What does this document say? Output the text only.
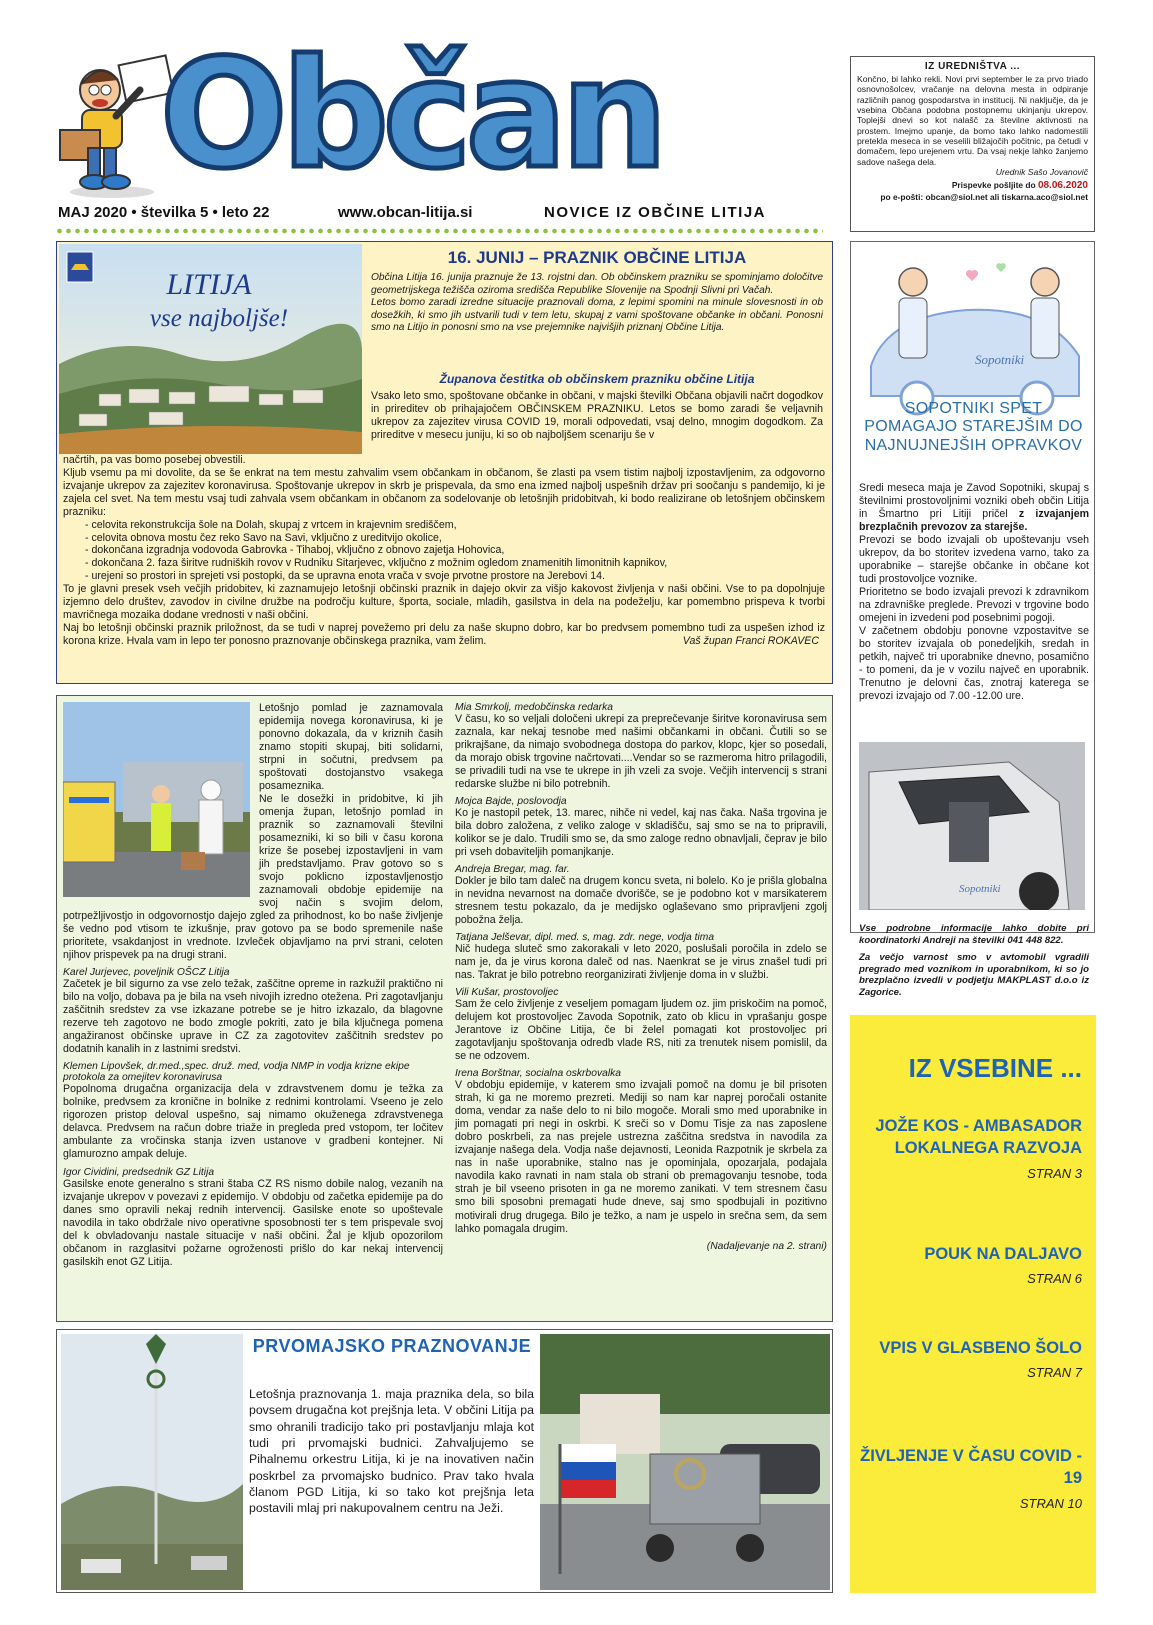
Občan
MAJ 2020 • številka 5 • leto 22	www.obcan-litija.si	NOVICE IZ OBČINE LITIJA
IZ UREDNIŠTVA ...

Končno, bi lahko rekli. Novi prvi september le za prvo triado osnovnošolcev, vračanje na delovna mesta in odpiranje različnih panog gospodarstva in institucij. Ni naključje, da je vsebina Občana podobna postopnemu ukinjanju ukrepov. Toplejši dnevi so kot nalašč za številne aktivnosti na prostem. Imejmo upanje, da bomo tako lahko nadomestili pretekla meseca in se veselili bližajočih počitnic, pa četudi v domačem, lepo urejenem vrtu. Da vsaj nekje lahko žanjemo sadove našega dela.

Urednik Sašo Jovanovič
Prispevke pošljite do 08.06.2020
po e-pošti: obcan@siol.net ali tiskarna.aco@siol.net
LITIJA
vse najboljše!
16. JUNIJ – PRAZNIK OBČINE LITIJA

Občina Litija 16. junija praznuje že 13. rojstni dan. Ob občinskem prazniku se spominjamo določitve geometrijskega težišča oziroma središča Republike Slovenije na Spodnji Slivni pri Vačah.

Letos bomo zaradi izredne situacije praznovali doma, z lepimi spomini na minule slovesnosti in ob dosežkih, ki smo jih ustvarili tudi v tem letu, skupaj z vami spoštovane občanke in občani. Ponosni smo na Litijo in ponosni smo na vse prejemnike najvišjih priznanj Občine Litija.

Županova čestitka ob občinskem prazniku občine Litija

Vsako leto smo, spoštovane občanke in občani, v majski številki Občana objavili načrt dogodkov in prireditev ob prihajajočem OBČINSKEM PRAZNIKU. Letos se bomo zaradi še veljavnih ukrepov za zajezitev virusa COVID 19, morali odpovedati, vsaj delno, mnogim dogodkom. Za prireditve v mesecu juniju, ki so ob najboljšem scenariju še v

načrtih, pa vas bomo posebej obvestili.

Kljub vsemu pa mi dovolite, da se še enkrat na tem mestu zahvalim vsem občankam in občanom, še zlasti pa vsem tistim najbolj izpostavljenim, za odgovorno izvajanje ukrepov za zajezitev koronavirusa. Spoštovanje ukrepov in skrb je prispevala, da smo ena izmed najbolj uspešnih držav pri soočanju s pandemijo, ki je zajela cel svet. Na tem mestu vsaj tudi zahvala vsem občankam in občanom za sodelovanje ob letošnjih pridobitvah, ki bodo realizirane ob letošnjem občinskem prazniku:

- celovita rekonstrukcija šole na Dolah, skupaj z vrtcem in krajevnim središčem,
- celovita obnova mostu čez reko Savo na Savi, vključno z ureditvijo okolice,
- dokončana izgradnja vodovoda Gabrovka - Tihaboj, vključno z obnovo zajetja Hohovica,
- dokončana 2. faza širitve rudniških rovov v Rudniku Sitarjevec, vključno z možnim ogledom znamenitih limonitnih kapnikov,
- urejeni so prostori in sprejeti vsi postopki, da se upravna enota vrača v svoje prvotne prostore na Jerebovi 14.

To je glavni presek vseh večjih pridobitev, ki zaznamujejo letošnji občinski praznik in dajejo okvir za višjo kakovost življenja v naši občini. Vse to pa dopolnjuje izjemno delo društev, zavodov in civilne družbe na področju kulture, športa, sociale, mladih, gasilstva in dela na podeželju, kar pomembno prispeva k tvorbi mavričnega mozaika dodane vrednosti v naši občini.

Naj bo letošnji občinski praznik priložnost, da se tudi v naprej povežemo pri delu za naše skupno dobro, kar bo predvsem pomembno tudi za uspešen izhod iz korona krize. Hvala vam in lepo ter ponosno praznovanje občinskega praznika, vam želim.	Vaš župan Franci ROKAVEC

Sopotniki
SOPOTNIKI SPET POMAGAJO STAREJŠIM DO NAJNUJNEJŠIH OPRAVKOV

Sredi meseca maja je Zavod Sopotniki, skupaj s številnimi prostovoljnimi vozniki obeh občin Litija in Šmartno pri Litiji pričel z izvajanjem brezplačnih prevozov za starejše.

Prevozi se bodo izvajali ob upoštevanju vseh ukrepov, da bo storitev izvedena varno, tako za uporabnike – starejše občanke in občane kot tudi prostovoljce voznike.

Prioritetno se bodo izvajali prevozi k zdravnikom na zdravniške preglede. Prevozi v trgovine bodo omejeni in izvedeni pod posebnimi pogoji.

V začetnem obdobju ponovne vzpostavitve se bo storitev izvajala ob ponedeljkih, sredah in petkih, največ tri uporabnike dnevno, posamično - to pomeni, da je v vozilu največ en uporabnik. Trenutno je delovni čas, znotraj katerega se prevozi izvajajo od 7.00 -12.00 ure.

Sopotniki

Vse podrobne informacije lahko dobite pri koordinatorki Andreji na številki 041 448 822.

Za večjo varnost smo v avtomobil vgradili pregrado med voznikom in uporabnikom, ki so jo brezplačno izvedli v podjetju MAKPLAST d.o.o iz Zagorice.

IZ VSEBINE ...
JOŽE KOS - AMBASADOR LOKALNEGA RAZVOJA
STRAN 3
POUK NA DALJAVO
STRAN 6
VPIS V GLASBENO ŠOLO
STRAN 7
ŽIVLJENJE V ČASU COVID - 19
STRAN 10

Letošnjo pomlad je zaznamovala epidemija novega koronavirusa, ki je ponovno dokazala, da v kriznih časih znamo stopiti skupaj, biti solidarni, strpni in sočutni, predvsem pa spoštovati dostojanstvo vsakega posameznika.

Ne le dosežki in pridobitve, ki jih omenja župan, letošnjo pomlad in praznik so zaznamovali številni posamezniki, ki so bili v času korona krize še posebej izpostavljeni in vam jih predstavljamo. Prav gotovo so s svojo poklicno izpostavljenostjo zaznamovali obdobje epidemije na svoj način s svojim delom, potrpežljivostjo in odgovornostjo dajejo zgled za prihodnost, ko bo naše življenje še vedno pod vtisom te izkušnje, prav gotovo pa se bodo spremenile naše prioritete, vsakdanjost in vrednote. Izvleček objavljamo na prvi strani, celoten njihov prispevek pa na drugi strani.

Karel Jurjevec, poveljnik OŠCZ Litija

Začetek je bil sigurno za vse zelo težak, zaščitne opreme in razkužil praktično ni bilo na voljo, dobava pa je bila na vseh nivojih izredno otežena. Pri zagotavljanju zaščitnih sredstev za vse izkazane potrebe se je hitro izkazalo, da blagovne rezerve teh zagotovo ne bodo zmogle pokriti, zato je bila ključnega pomena angažiranost občinske uprave in CZ za zagotovitev zaščitnih sredstev po dodatnih kanalih in z lastnimi sredstvi.

Klemen Lipovšek, dr.med.,spec. druž. med, vodja NMP in vodja krizne ekipe protokola za omejitev koronavirusa

Popolnoma drugačna organizacija dela v zdravstvenem domu je težka za bolnike, predvsem za kronične in bolnike z rednimi kontrolami. Vseeno je zelo rigorozen pristop deloval uspešno, saj nimamo okuženega zdravstvenega delavca. Predvsem na račun dobre triaže in pregleda pred vstopom, ter ločitev ambulante za vročinska stanja izven ustanove v gradbeni kontejner. Ni glamurozno ampak deluje.

Igor Cividini, predsednik GZ Litija

Gasilske enote generalno s strani štaba CZ RS nismo dobile nalog, vezanih na izvajanje ukrepov v povezavi z epidemijo. V obdobju od začetka epidemije pa do danes smo opravili nekaj rednih intervencij. Gasilske enote so upoštevale navodila in tako obdržale nivo operativne sposobnosti ter s tem prispevale svoj del k obvladovanju nastale situacije v naši občini. Žal je kljub opozorilom občanom in razglasitvi požarne ogroženosti prišlo do kar nekaj intervencij gasilskih enot GZ Litija.

Mia Smrkolj, medobčinska redarka

V času, ko so veljali določeni ukrepi za preprečevanje širitve koronavirusa sem zaznala, kar nekaj tesnobe med našimi občankami in občani. Čutili so se prikrajšane, da nimajo svobodnega dostopa do parkov, klopc, kjer so posedali, da morajo obisk trgovine načrtovati....Vendar so se razmeroma hitro prilagodili, se privadili tudi na vse te ukrepe in jih vzeli za svoje. Večjih intervencij s strani redarske službe ni bilo potrebnih.

Mojca Bajde, poslovodja

Ko je nastopil petek, 13. marec, nihče ni vedel, kaj nas čaka. Naša trgovina je bila dobro založena, z veliko zaloge v skladišču, saj smo se na to pripravili, kolikor se je dalo. Trudili smo se, da smo zaloge redno obnavljali, čeprav je bilo pri vseh dobaviteljih pomanjkanje.

Andreja Bregar, mag. far.

Dokler je bilo tam daleč na drugem koncu sveta, ni bolelo. Ko je prišla globalna in nevidna nevarnost na domače dvorišče, se je podobno kot v marsikaterem stresnem testu pokazalo, da je medijsko oglaševano smo pripravljeni zgolj pobožna želja.

Tatjana Jelševar, dipl. med. s, mag. zdr. nege, vodja tima

Nič hudega sluteč smo zakorakali v leto 2020, poslušali poročila in zdelo se nam je, da je virus korona daleč od nas. Naenkrat se je virus znašel tudi pri nas. Takrat je bilo potrebno reorganizirati življenje doma in v službi.

Vili Kušar, prostovoljec

Sam že celo življenje z veseljem pomagam ljudem oz. jim priskočim na pomoč, delujem kot prostovoljec Zavoda Sopotnik, zato ob klicu in vprašanju gospe Jerantove iz Občine Litija, če bi želel pomagati kot prostovoljec pri zagotavljanju spoštovanja odredb vlade RS, niti za trenutek nisem pomislil, da se ne odzovem.

Irena Borštnar, socialna oskrbovalka

V obdobju epidemije, v katerem smo izvajali pomoč na domu je bil prisoten strah, ki ga ne moremo prezreti. Mediji so nam kar naprej poročali ostanite doma, vendar za naše delo to ni bilo mogoče. Morali smo med uporabnike in jim pomagati pri negi in oskrbi. K sreči so v Domu Tisje za nas zaposlene dobro poskrbeli, za nas prejele ustrezna zaščitna sredstva in navodila za izvajanje našega dela. Vodja naše dejavnosti, Leonida Razpotnik je skrbela za nas in naše uporabnike, stalno nas je opominjala, opozarjala, podajala navodila kako ravnati in nam stala ob strani ob premagovanju tesnobe, toda strah je bil vseeno prisoten in ga ne moremo zanikati. V tem stresnem času smo bili sposobni premagati hude dneve, saj smo spodbujali in pozitivno motivirali drug drugega. Bilo je težko, a nam je uspelo in srečna sem, da sem lahko pomagala drugim.

(Nadaljevanje na 2. strani)
PRVOMAJSKO PRAZNOVANJE

Letošnja praznovanja 1. maja praznika dela, so bila povsem drugačna kot prejšnja leta. V občini Litija pa smo ohranili tradicijo tako pri postavljanju mlaja kot tudi pri prvomajski budnici. Zahvaljujemo se Pihalnemu orkestru Litija, ki je na inovativen način poskrbel za prvomajsko budnico. Prav tako hvala članom PGD Litija, ki so tako kot prejšnja leta postavili mlaj pri nakupovalnem centru na Ježi.
